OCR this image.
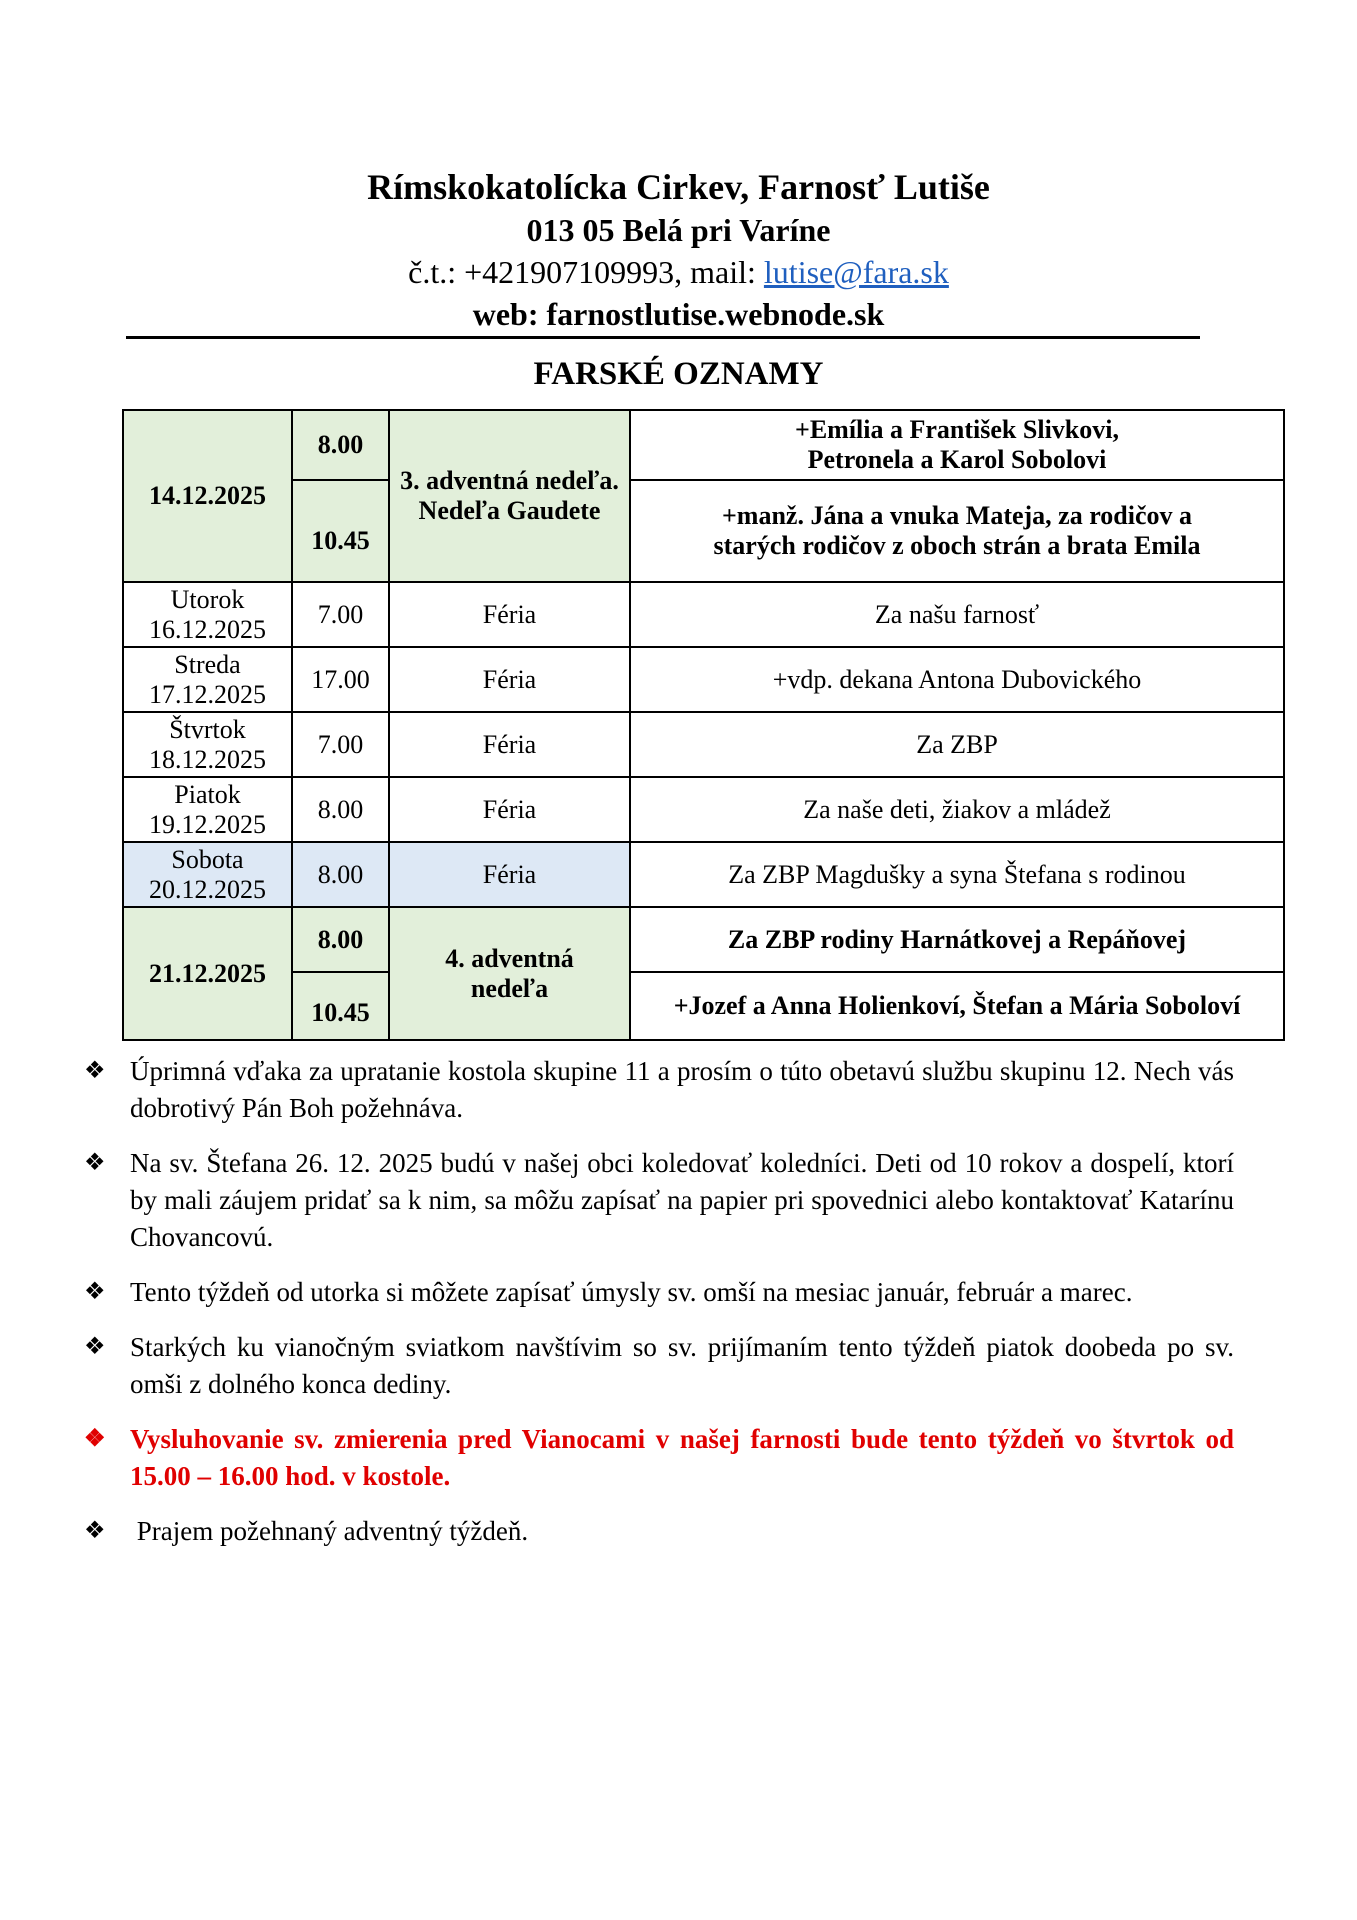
Rímskokatolícka Cirkev, Farnosť Lutiše
013 05 Belá pri Varíne
č.t.: +421907109993, mail: lutise@fara.sk
web: farnostlutise.webnode.sk
FARSKÉ OZNAMY
14.12.2025	8.00	3. adventná nedeľa. Nedeľa Gaudete	+Emília a František Slivkovi, Petronela a Karol Sobolovi
	10.45		+manž. Jána a vnuka Mateja, za rodičov a starých rodičov z oboch strán a brata Emila
Utorok
16.12.2025	7.00	Féria	Za našu farnosť
Streda
17.12.2025	17.00	Féria	+vdp. dekana Antona Dubovického
Štvrtok
18.12.2025	7.00	Féria	Za ZBP
Piatok
19.12.2025	8.00	Féria	Za naše deti, žiakov a mládež
Sobota
20.12.2025	8.00	Féria	Za ZBP Magdušky a syna Štefana s rodinou
21.12.2025	8.00	4. adventná nedeľa	Za ZBP rodiny Harnátkovej a Repáňovej
	10.45		+Jozef a Anna Holienkoví, Štefan a Mária Soboloví
❖ Úprimná vďaka za upratanie kostola skupine 11 a prosím o túto obetavú službu skupinu 12. Nech vás dobrotivý Pán Boh požehnáva.
❖ Na sv. Štefana 26. 12. 2025 budú v našej obci koledovať koledníci. Deti od 10 rokov a dospelí, ktorí by mali záujem pridať sa k nim, sa môžu zapísať na papier pri spovednici alebo kontaktovať Katarínu Chovancovú.
❖ Tento týždeň od utorka si môžete zapísať úmysly sv. omší na mesiac január, február a marec.
❖ Starkých ku vianočným sviatkom navštívim so sv. prijímaním tento týždeň piatok doobeda po sv. omši z dolného konca dediny.
❖ Vysluhovanie sv. zmierenia pred Vianocami v našej farnosti bude tento týždeň vo štvrtok od 15.00 – 16.00 hod. v kostole.
❖ Prajem požehnaný adventný týždeň.
